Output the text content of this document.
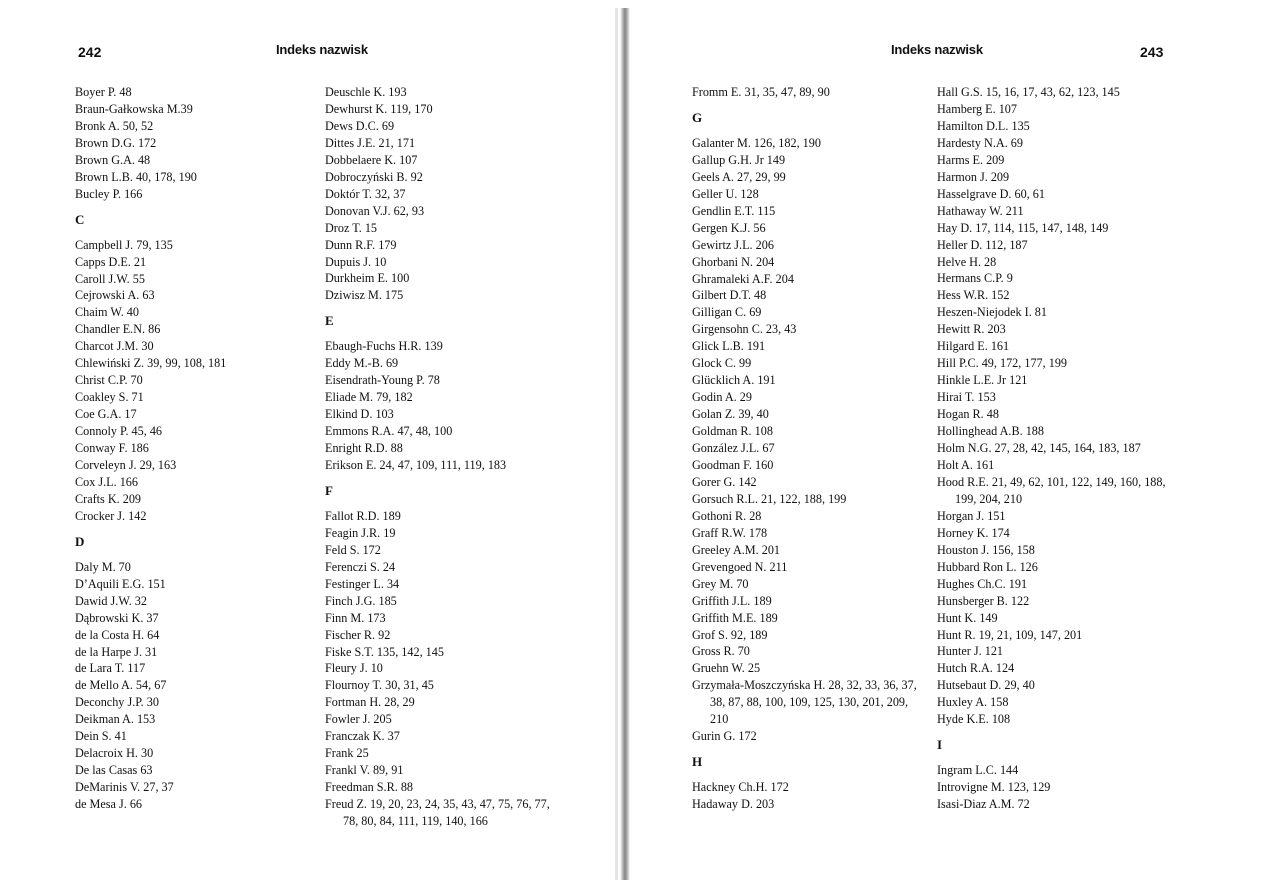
242	Indeks nazwisk
Boyer P. 48
Braun-Gałkowska M.39
Bronk A. 50, 52
Brown D.G. 172
Brown G.A. 48
Brown L.B. 40, 178, 190
Bucley P. 166
C
Campbell J. 79, 135
Capps D.E. 21
Caroll J.W. 55
Cejrowski A. 63
Chaim W. 40
Chandler E.N. 86
Charcot J.M. 30
Chlewiński Z. 39, 99, 108, 181
Christ C.P. 70
Coakley S. 71
Coe G.A. 17
Connoly P. 45, 46
Conway F. 186
Corveleyn J. 29, 163
Cox J.L. 166
Crafts K. 209
Crocker J. 142
D
Daly M. 70
D’Aquili E.G. 151
Dawid J.W. 32
Dąbrowski K. 37
de la Costa H. 64
de la Harpe J. 31
de Lara T. 117
de Mello A. 54, 67
Deconchy J.P. 30
Deikman A. 153
Dein S. 41
Delacroix H. 30
De las Casas 63
DeMarinis V. 27, 37
de Mesa J. 66
Deuschle K. 193
Dewhurst K. 119, 170
Dews D.C. 69
Dittes J.E. 21, 171
Dobbelaere K. 107
Dobroczyński B. 92
Doktór T. 32, 37
Donovan V.J. 62, 93
Droz T. 15
Dunn R.F. 179
Dupuis J. 10
Durkheim E. 100
Dziwisz M. 175
E
Ebaugh-Fuchs H.R. 139
Eddy M.-B. 69
Eisendrath-Young P. 78
Eliade M. 79, 182
Elkind D. 103
Emmons R.A. 47, 48, 100
Enright R.D. 88
Erikson E. 24, 47, 109, 111, 119, 183
F
Fallot R.D. 189
Feagin J.R. 19
Feld S. 172
Ferenczi S. 24
Festinger L. 34
Finch J.G. 185
Finn M. 173
Fischer R. 92
Fiske S.T. 135, 142, 145
Fleury J. 10
Flournoy T. 30, 31, 45
Fortman H. 28, 29
Fowler J. 205
Franczak K. 37
Frank 25
Frankl V. 89, 91
Freedman S.R. 88
Freud Z. 19, 20, 23, 24, 35, 43, 47, 75, 76, 77, 78, 80, 84, 111, 119, 140, 166
Indeks nazwisk	243
Fromm E. 31, 35, 47, 89, 90
G
Galanter M. 126, 182, 190
Gallup G.H. Jr 149
Geels A. 27, 29, 99
Geller U. 128
Gendlin E.T. 115
Gergen K.J. 56
Gewirtz J.L. 206
Ghorbani N. 204
Ghramaleki A.F. 204
Gilbert D.T. 48
Gilligan C. 69
Girgensohn C. 23, 43
Glick L.B. 191
Glock C. 99
Glücklich A. 191
Godin A. 29
Golan Z. 39, 40
Goldman R. 108
González J.L. 67
Goodman F. 160
Gorer G. 142
Gorsuch R.L. 21, 122, 188, 199
Gothoni R. 28
Graff R.W. 178
Greeley A.M. 201
Grevengoed N. 211
Grey M. 70
Griffith J.L. 189
Griffith M.E. 189
Grof S. 92, 189
Gross R. 70
Gruehn W. 25
Grzymała-Moszczyńska H. 28, 32, 33, 36, 37, 38, 87, 88, 100, 109, 125, 130, 201, 209, 210
Gurin G. 172
H
Hackney Ch.H. 172
Hadaway D. 203
Hall G.S. 15, 16, 17, 43, 62, 123, 145
Hamberg E. 107
Hamilton D.L. 135
Hardesty N.A. 69
Harms E. 209
Harmon J. 209
Hasselgrave D. 60, 61
Hathaway W. 211
Hay D. 17, 114, 115, 147, 148, 149
Heller D. 112, 187
Helve H. 28
Hermans C.P. 9
Hess W.R. 152
Heszen-Niejodek I. 81
Hewitt R. 203
Hilgard E. 161
Hill P.C. 49, 172, 177, 199
Hinkle L.E. Jr 121
Hirai T. 153
Hogan R. 48
Hollinghead A.B. 188
Holm N.G. 27, 28, 42, 145, 164, 183, 187
Holt A. 161
Hood R.E. 21, 49, 62, 101, 122, 149, 160, 188, 199, 204, 210
Horgan J. 151
Horney K. 174
Houston J. 156, 158
Hubbard Ron L. 126
Hughes Ch.C. 191
Hunsberger B. 122
Hunt K. 149
Hunt R. 19, 21, 109, 147, 201
Hunter J. 121
Hutch R.A. 124
Hutsebaut D. 29, 40
Huxley A. 158
Hyde K.E. 108
I
Ingram L.C. 144
Introvigne M. 123, 129
Isasi-Diaz A.M. 72
